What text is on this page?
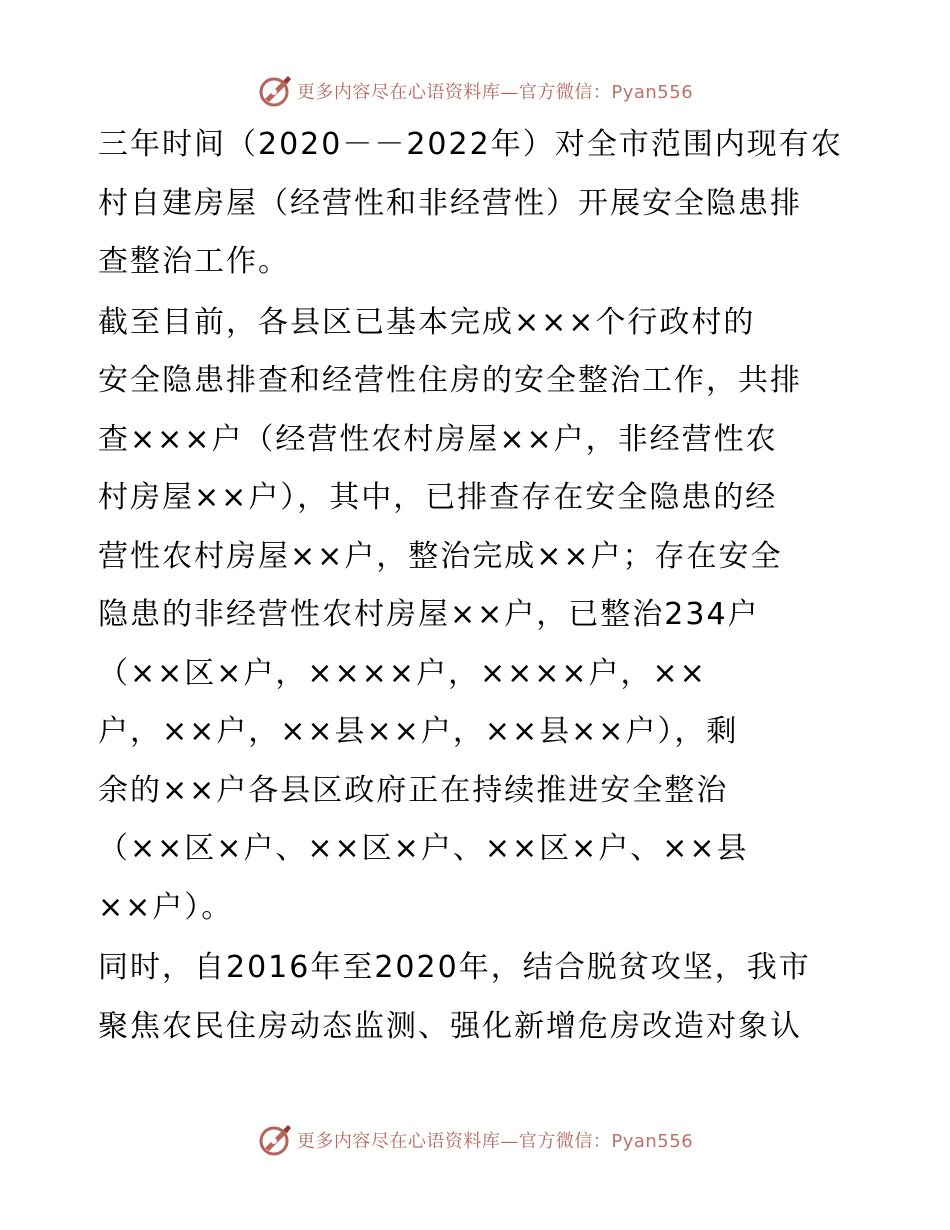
更多内容尽在心语资料库—官方微信：Pyan556
三年时间（2020－－2022年）对全市范围内现有农
村自建房屋（经营性和非经营性）开展安全隐患排
查整治工作。
截至目前，各县区已基本完成×××个行政村的
安全隐患排查和经营性住房的安全整治工作，共排
查×××户（经营性农村房屋××户，非经营性农
村房屋××户），其中，已排查存在安全隐患的经
营性农村房屋××户，整治完成××户；存在安全
隐患的非经营性农村房屋××户，已整治234户
（××区×户，××××户，××××户，××
户，××户，××县××户，××县××户），剩
余的××户各县区政府正在持续推进安全整治
（××区×户、××区×户、××区×户、××县
××户）。
同时，自2016年至2020年，结合脱贫攻坚，我市
聚焦农民住房动态监测、强化新增危房改造对象认
更多内容尽在心语资料库—官方微信：Pyan556
